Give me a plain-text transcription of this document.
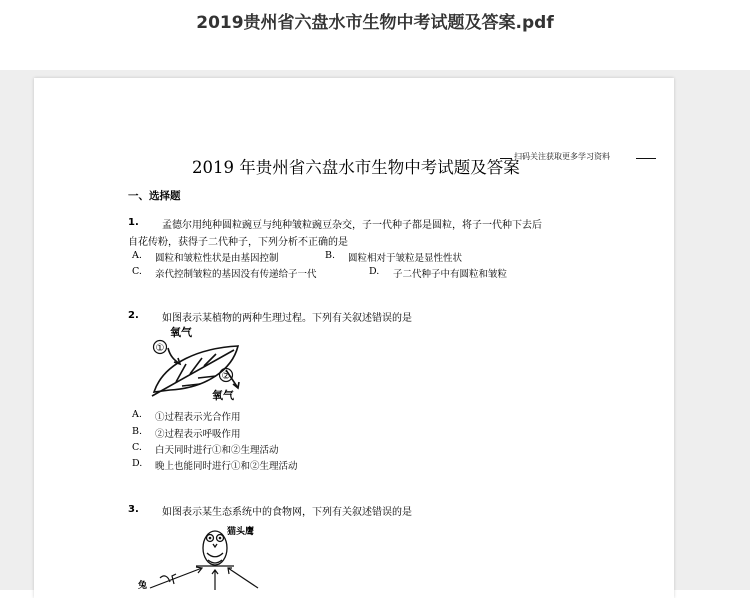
2019贵州省六盘水市生物中考试题及答案.pdf
扫码关注获取更多学习资料
2019 年贵州省六盘水市生物中考试题及答案
一、选择题
1. 孟德尔用纯种圆粒豌豆与纯种皱粒豌豆杂交，子一代种子都是圆粒，将子一代种下去后
自花传粉，获得子二代种子，下列分析不正确的是
A. 圆粒和皱粒性状是由基因控制	B. 圆粒相对于皱粒是显性性状
C. 亲代控制皱粒的基因没有传递给子一代	D. 子二代种子中有圆粒和皱粒
2. 如图表示某植物的两种生理过程。下列有关叙述错误的是
①
氧气
②
氧气
A. ①过程表示光合作用
B. ②过程表示呼吸作用
C. 白天同时进行①和②生理活动
D. 晚上也能同时进行①和②生理活动
3. 如图表示某生态系统中的食物网，下列有关叙述错误的是
猫头鹰
兔
